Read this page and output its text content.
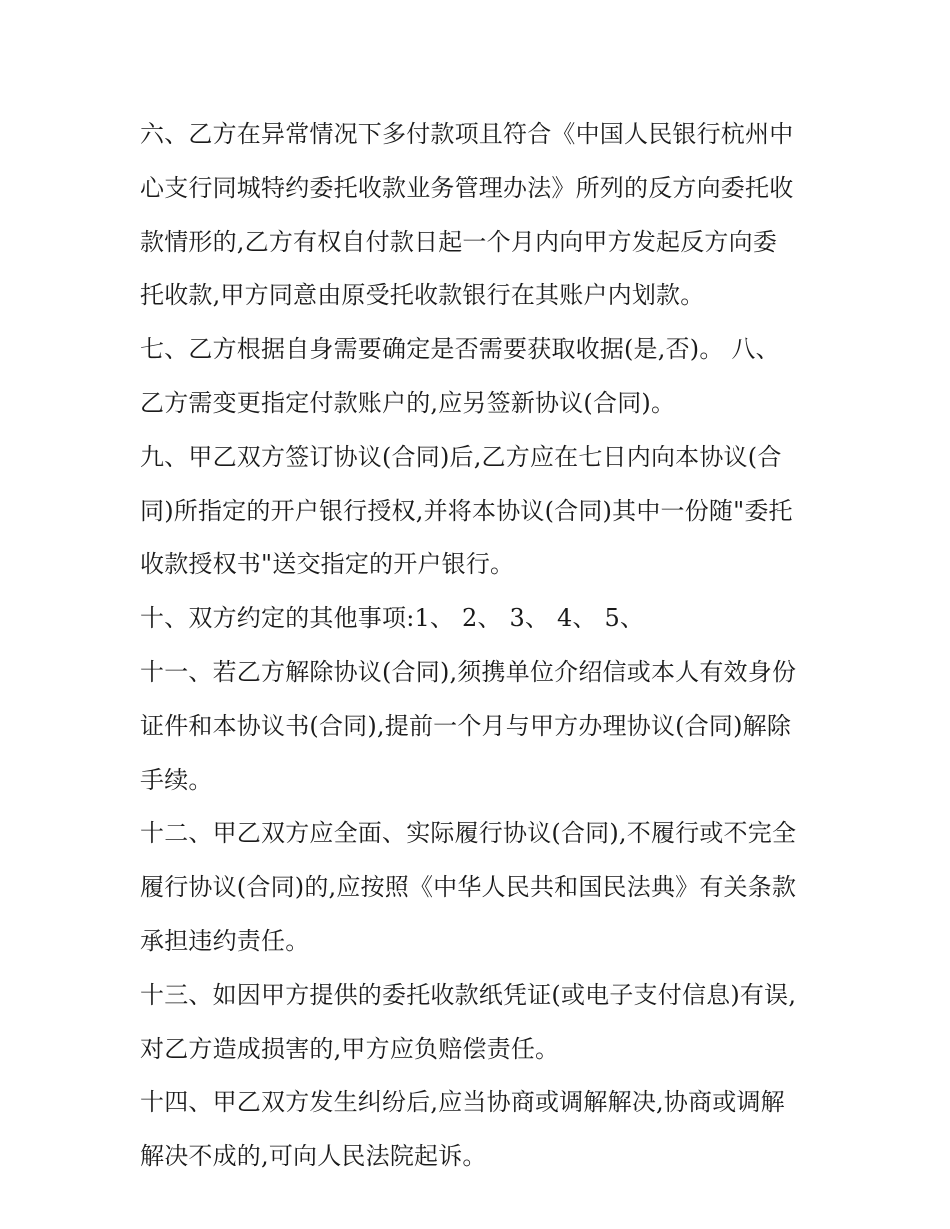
六、乙方在异常情况下多付款项且符合《中国人民银行杭州中
心支行同城特约委托收款业务管理办法》所列的反方向委托收
款情形的,乙方有权自付款日起一个月内向甲方发起反方向委
托收款,甲方同意由原受托收款银行在其账户内划款。
七、乙方根据自身需要确定是否需要获取收据(是,否)。 八、
乙方需变更指定付款账户的,应另签新协议(合同)。
九、甲乙双方签订协议(合同)后,乙方应在七日内向本协议(合
同)所指定的开户银行授权,并将本协议(合同)其中一份随"委托
收款授权书"送交指定的开户银行。
十、双方约定的其他事项:1、 2、 3、 4、 5、
十一、若乙方解除协议(合同),须携单位介绍信或本人有效身份
证件和本协议书(合同),提前一个月与甲方办理协议(合同)解除
手续。
十二、甲乙双方应全面、实际履行协议(合同),不履行或不完全
履行协议(合同)的,应按照《中华人民共和国民法典》有关条款
承担违约责任。
十三、如因甲方提供的委托收款纸凭证(或电子支付信息)有误,
对乙方造成损害的,甲方应负赔偿责任。
十四、甲乙双方发生纠纷后,应当协商或调解解决,协商或调解
解决不成的,可向人民法院起诉。
